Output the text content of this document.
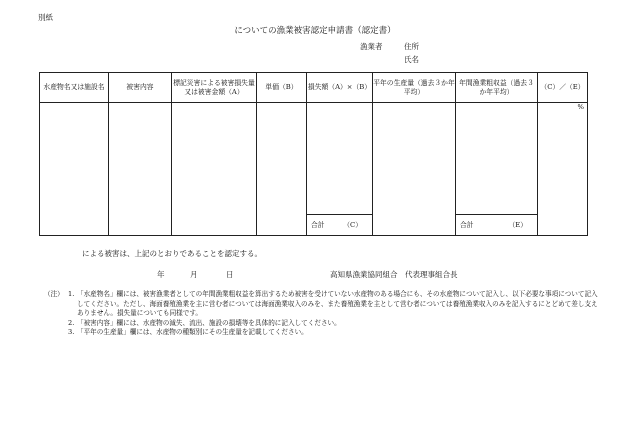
別紙
についての漁業被害認定申請書（認定書）
漁業者	住所
氏名
水産物名又は施設名	被害内容	標記災害による被害損失量又は被害金額（A）	単価（B）	損失額（A）×（B）	平年の生産量（過去３か年平均）	年間漁業粗収益（過去３か年平均）	（C）／（E）
							%

				合計 （C）		合計 （E）	
による被害は、上記のとおりであることを認定する。
年	月	日	高知県漁業協同組合　代表理事組合長
（注） 1. 「水産物名」欄には、被害漁業者としての年間漁業粗収益を算出するため被害を受けていない水産物のある場合にも、その水産物について記入し、以下必要な事項について記入してください。ただし、海面養殖漁業を主に営む者については海面漁業収入のみを、また養殖漁業を主として営む者については養殖漁業収入のみを記入するにとどめて差し支えありません。損失量についても同様です。
2. 「被害内容」欄には、水産物の減失、流出、施設の損壊等を具体的に記入してください。
3. 「平年の生産量」欄には、水産物の種類別にその生産量を記載してください。
